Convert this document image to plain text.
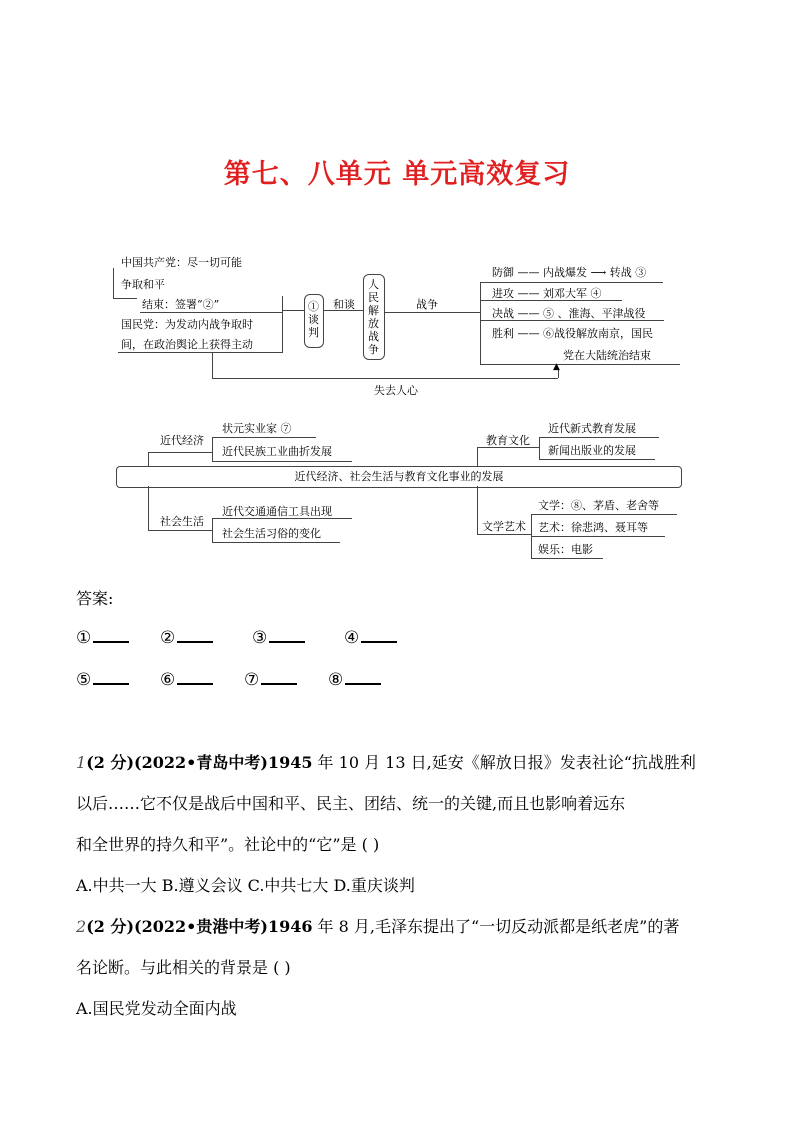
第七、八单元 单元高效复习
中国共产党：尽一切可能
争取和平
结束：签署“②”
国民党：为发动内战争取时
间，在政治舆论上获得主动
①谈判
和谈
人民解放战争
战争
防御 —— 内战爆发 ⟶ 转战 ③
进攻 —— 刘邓大军 ④
决战 —— ⑤ 、淮海、平津战役
胜利 —— ⑥战役解放南京，国民
党在大陆统治结束
▲
失去人心
近代经济、社会生活与教育文化事业的发展
近代经济
状元实业家 ⑦
近代民族工业曲折发展
社会生活
近代交通通信工具出现
社会生活习俗的变化
教育文化
近代新式教育发展
新闻出版业的发展
文学艺术
文学：⑧、茅盾、老舍等
艺术：徐悲鸿、聂耳等
娱乐：电影
答案:
①	②	③	④
⑤	⑥	⑦	⑧
1(2 分)(2022•青岛中考)1945 年 10 月 13 日,延安《解放日报》发表社论“抗战胜利
以后……它不仅是战后中国和平、民主、团结、统一的关键,而且也影响着远东
和全世界的持久和平”。社论中的“它”是 ( )
A.中共一大 B.遵义会议 C.中共七大 D.重庆谈判
2(2 分)(2022•贵港中考)1946 年 8 月,毛泽东提出了“一切反动派都是纸老虎”的著
名论断。与此相关的背景是 ( )
A.国民党发动全面内战
